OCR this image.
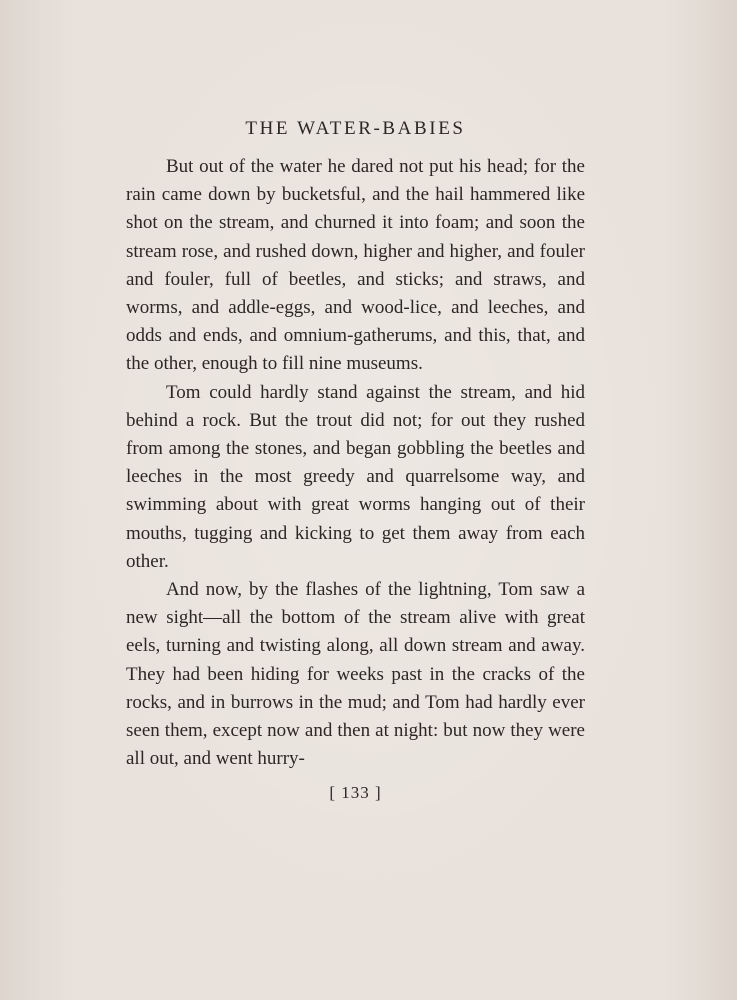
THE WATER-BABIES

But out of the water he dared not put his head; for the rain came down by bucketsful, and the hail hammered like shot on the stream, and churned it into foam; and soon the stream rose, and rushed down, higher and higher, and fouler and fouler, full of beetles, and sticks; and straws, and worms, and addle-eggs, and wood-lice, and leeches, and odds and ends, and omnium-gatherums, and this, that, and the other, enough to fill nine museums.

Tom could hardly stand against the stream, and hid behind a rock. But the trout did not; for out they rushed from among the stones, and began gobbling the beetles and leeches in the most greedy and quarrelsome way, and swimming about with great worms hanging out of their mouths, tugging and kicking to get them away from each other.

And now, by the flashes of the lightning, Tom saw a new sight—all the bottom of the stream alive with great eels, turning and twisting along, all down stream and away. They had been hiding for weeks past in the cracks of the rocks, and in burrows in the mud; and Tom had hardly ever seen them, except now and then at night: but now they were all out, and went hurry-

[ 133 ]
